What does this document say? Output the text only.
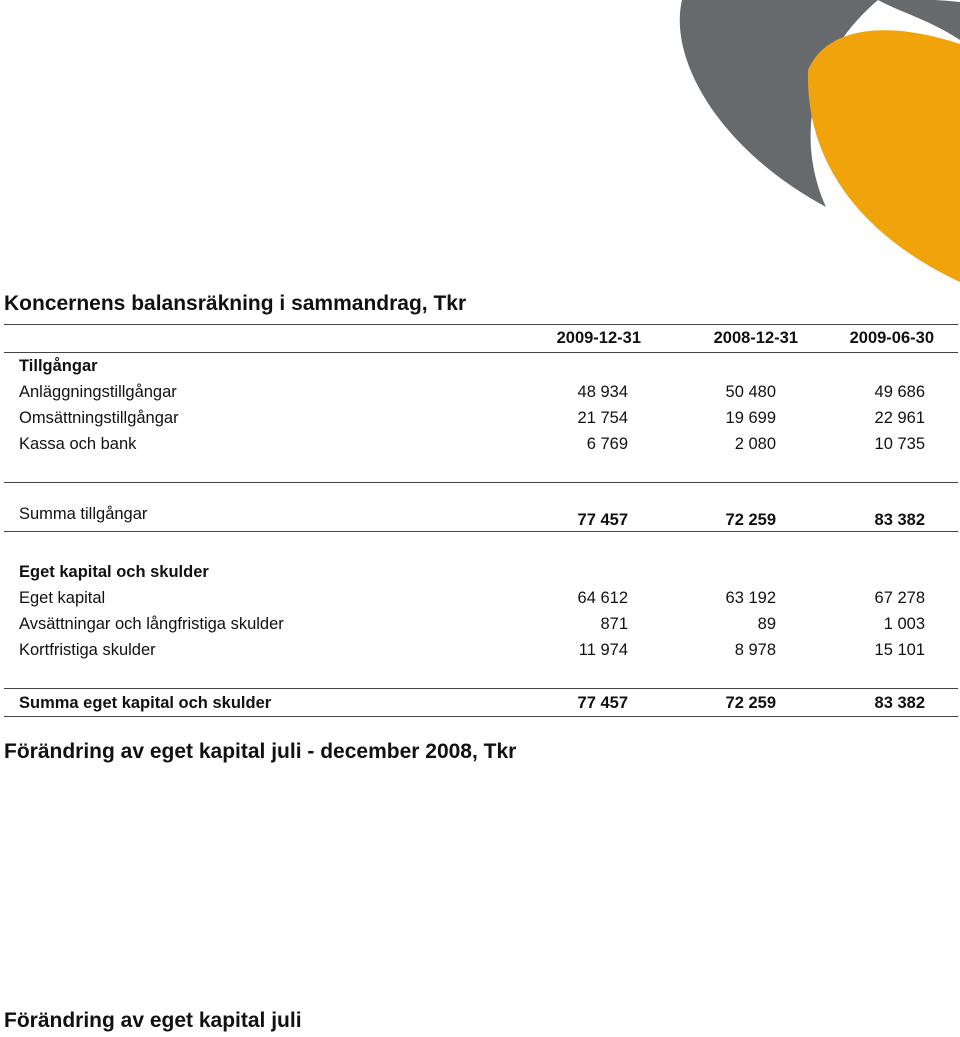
Koncernens balansräkning i sammandrag, Tkr
2009-12-31	2008-12-31	2009-06-30
Tillgångar
Anläggningstillgångar	48 934	50 480	49 686
Omsättningstillgångar	21 754	19 699	22 961
Kassa och bank	6 769	2 080	10 735
Summa tillgångar	77 457	72 259	83 382
Eget kapital och skulder
Eget kapital	64 612	63 192	67 278
Avsättningar och långfristiga skulder	871	89	1 003
Kortfristiga skulder	11 974	8 978	15 101
Summa eget kapital och skulder	77 457	72 259	83 382
Förändring av eget kapital juli - december 2008, Tkr
Förändring av eget kapital juli
